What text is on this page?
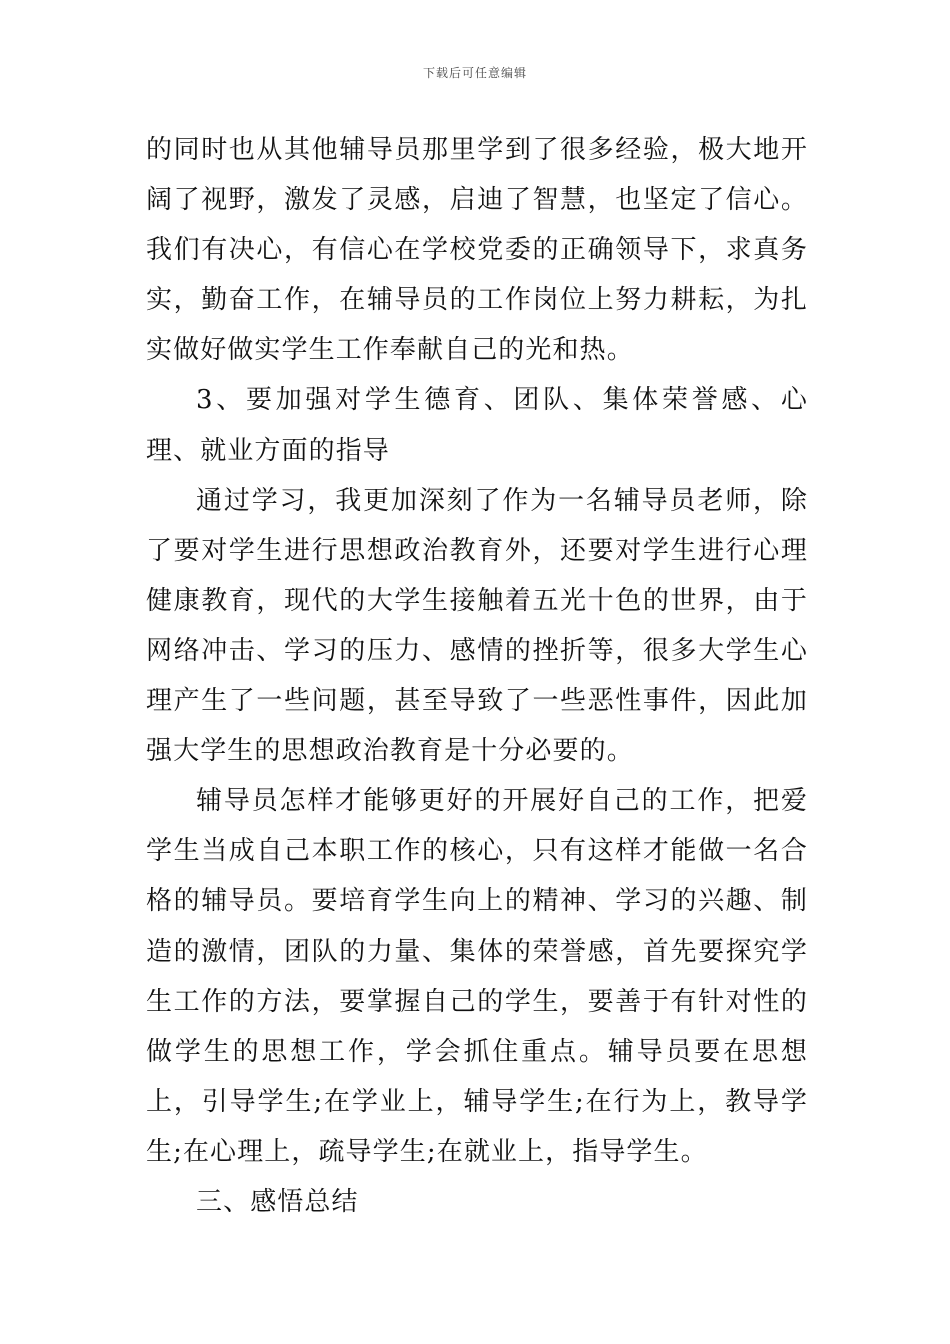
下载后可任意编辑

的同时也从其他辅导员那里学到了很多经验，极大地开阔了视野，激发了灵感，启迪了智慧，也坚定了信心。我们有决心，有信心在学校党委的正确领导下，求真务实，勤奋工作，在辅导员的工作岗位上努力耕耘，为扎实做好做实学生工作奉献自己的光和热。

3、要加强对学生德育、团队、集体荣誉感、心理、就业方面的指导

通过学习，我更加深刻了作为一名辅导员老师，除了要对学生进行思想政治教育外，还要对学生进行心理健康教育，现代的大学生接触着五光十色的世界，由于网络冲击、学习的压力、感情的挫折等，很多大学生心理产生了一些问题，甚至导致了一些恶性事件，因此加强大学生的思想政治教育是十分必要的。

辅导员怎样才能够更好的开展好自己的工作，把爱学生当成自己本职工作的核心，只有这样才能做一名合格的辅导员。要培育学生向上的精神、学习的兴趣、制造的激情，团队的力量、集体的荣誉感，首先要探究学生工作的方法，要掌握自己的学生，要善于有针对性的做学生的思想工作，学会抓住重点。辅导员要在思想上，引导学生;在学业上，辅导学生;在行为上，教导学生;在心理上，疏导学生;在就业上，指导学生。

三、感悟总结
